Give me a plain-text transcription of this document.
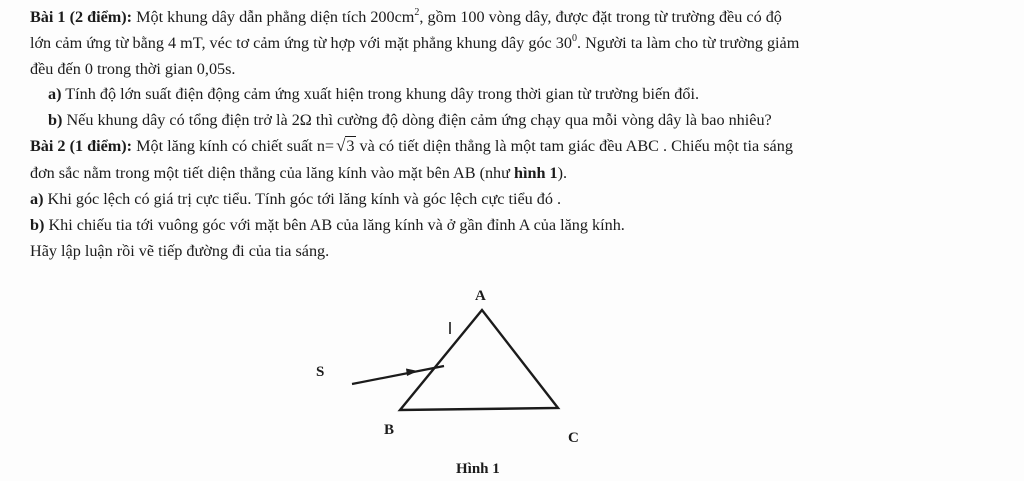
Bài 1 (2 điểm): Một khung dây dẫn phẳng diện tích $200cm^2$, gồm 100 vòng dây, được đặt trong từ trường đều có độ
lớn cảm ứng từ bằng 4 mT, véc tơ cảm ứng từ hợp với mặt phẳng khung dây góc $30^0$. Người ta làm cho từ trường giảm
đều đến 0 trong thời gian 0,05s.
a) Tính độ lớn suất điện động cảm ứng xuất hiện trong khung dây trong thời gian từ trường biến đổi.
b) Nếu khung dây có tổng điện trở là 2Ω thì cường độ dòng điện cảm ứng chạy qua mỗi vòng dây là bao nhiêu?
Bài 2 (1 điểm): Một lăng kính có chiết suất n= √3 và có tiết diện thẳng là một tam giác đều ABC . Chiếu một tia sáng
đơn sắc nằm trong một tiết diện thẳng của lăng kính vào mặt bên AB (như hình 1).
a) Khi góc lệch có giá trị cực tiểu. Tính góc tới lăng kính và góc lệch cực tiểu đó .
b) Khi chiếu tia tới vuông góc với mặt bên AB của lăng kính và ở gần đỉnh A của lăng kính.
Hãy lập luận rồi vẽ tiếp đường đi của tia sáng.
A
B	C
S
Hình 1
